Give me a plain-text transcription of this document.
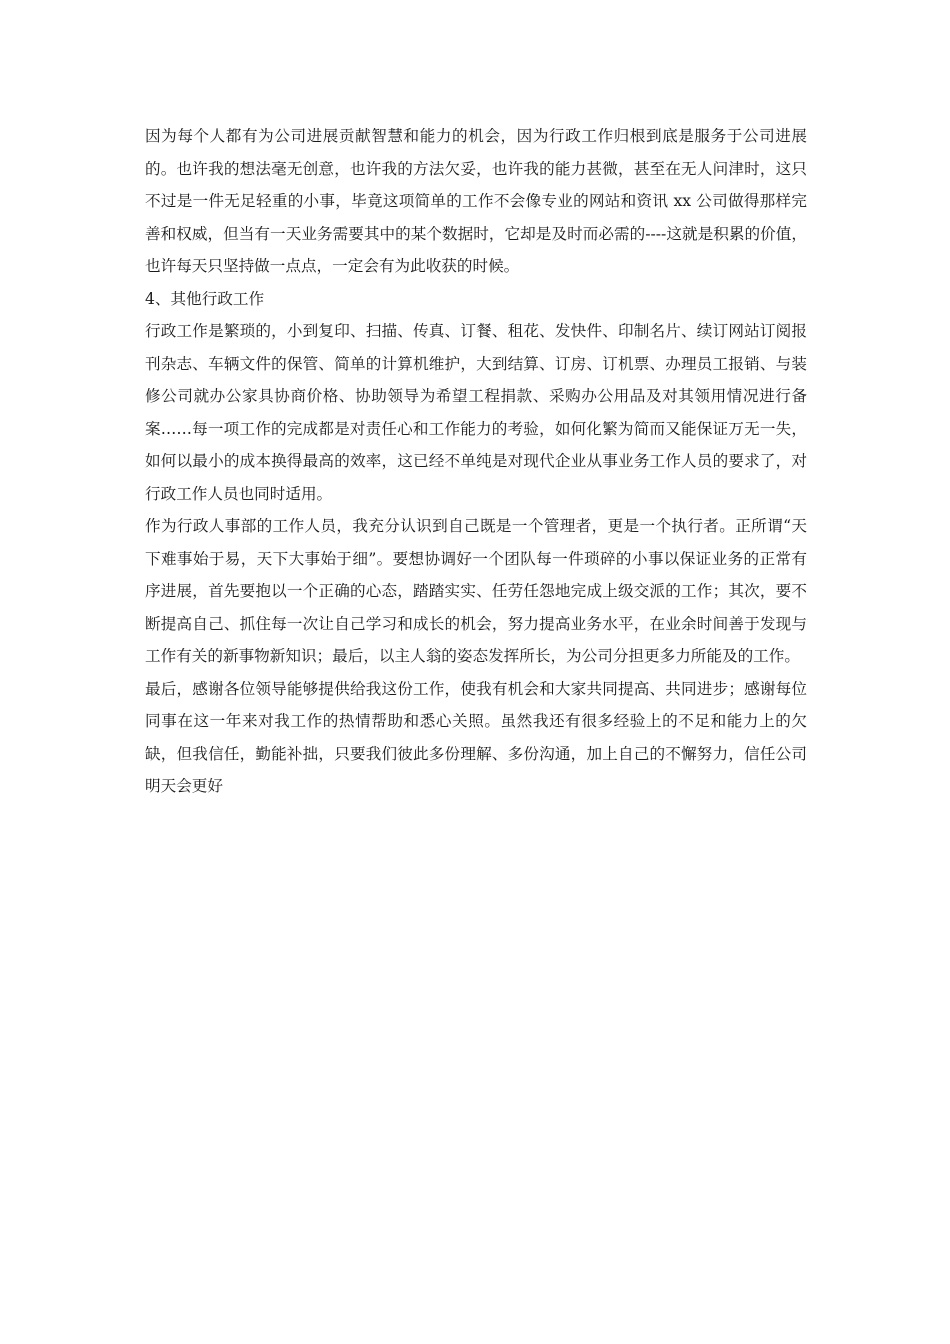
因为每个人都有为公司进展贡献智慧和能力的机会，因为行政工作归根到底是服务于公司进展的。也许我的想法毫无创意，也许我的方法欠妥，也许我的能力甚微，甚至在无人问津时，这只不过是一件无足轻重的小事，毕竟这项简单的工作不会像专业的网站和资讯 xx 公司做得那样完善和权威，但当有一天业务需要其中的某个数据时，它却是及时而必需的----这就是积累的价值，也许每天只坚持做一点点，一定会有为此收获的时候。

4、其他行政工作

行政工作是繁琐的，小到复印、扫描、传真、订餐、租花、发快件、印制名片、续订网站订阅报刊杂志、车辆文件的保管、简单的计算机维护，大到结算、订房、订机票、办理员工报销、与装修公司就办公家具协商价格、协助领导为希望工程捐款、采购办公用品及对其领用情况进行备案……每一项工作的完成都是对责任心和工作能力的考验，如何化繁为简而又能保证万无一失，如何以最小的成本换得最高的效率，这已经不单纯是对现代企业从事业务工作人员的要求了，对行政工作人员也同时适用。

作为行政人事部的工作人员，我充分认识到自己既是一个管理者，更是一个执行者。正所谓“天下难事始于易，天下大事始于细”。要想协调好一个团队每一件琐碎的小事以保证业务的正常有序进展，首先要抱以一个正确的心态，踏踏实实、任劳任怨地完成上级交派的工作；其次，要不断提高自己、抓住每一次让自己学习和成长的机会，努力提高业务水平，在业余时间善于发现与工作有关的新事物新知识；最后，以主人翁的姿态发挥所长，为公司分担更多力所能及的工作。

最后，感谢各位领导能够提供给我这份工作，使我有机会和大家共同提高、共同进步；感谢每位同事在这一年来对我工作的热情帮助和悉心关照。虽然我还有很多经验上的不足和能力上的欠缺，但我信任，勤能补拙，只要我们彼此多份理解、多份沟通，加上自己的不懈努力，信任公司明天会更好
